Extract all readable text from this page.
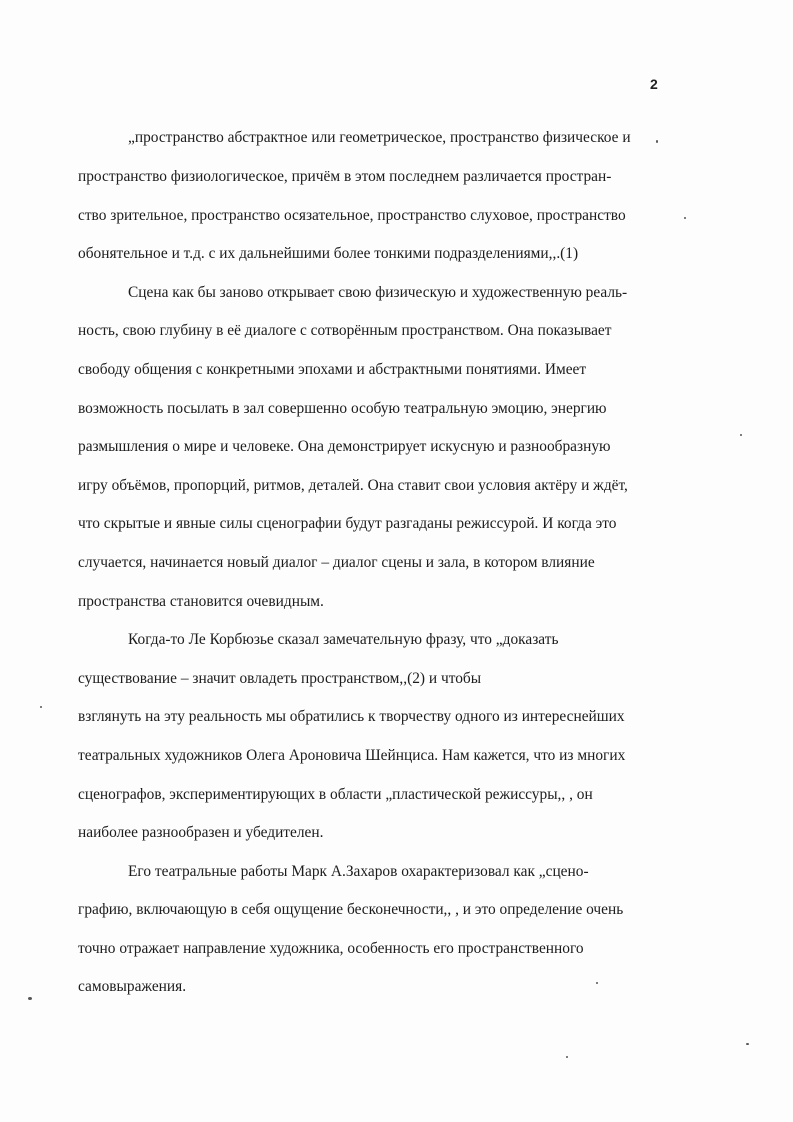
2
„пространство абстрактное или геометрическое, пространство физическое и
пространство физиологическое, причём в этом последнем различается простран-
ство зрительное, пространство осязательное, пространство слуховое, пространство
обонятельное и т.д. с их дальнейшими более тонкими подразделениями,,.(1)
Сцена как бы заново открывает свою физическую и художественную реаль-
ность, свою глубину в её диалоге с сотворённым пространством. Она показывает
свободу общения с конкретными эпохами и абстрактными понятиями. Имеет
возможность посылать в зал совершенно особую театральную эмоцию, энергию
размышления о мире и человеке. Она демонстрирует искусную и разнообразную
игру объёмов, пропорций, ритмов, деталей. Она ставит свои условия актёру и ждёт,
что скрытые и явные силы сценографии будут разгаданы режиссурой. И когда это
случается, начинается новый диалог – диалог сцены и зала, в котором влияние
пространства становится очевидным.
Когда-то Ле Корбюзье сказал замечательную фразу, что „доказать
существование – значит овладеть пространством,,(2) и чтобы
взглянуть на эту реальность мы обратились к творчеству одного из интереснейших
театральных художников Олега Ароновича Шейнциса. Нам кажется, что из многих
сценографов, экспериментирующих в области „пластической режиссуры,, , он
наиболее разнообразен и убедителен.
Его театральные работы Марк А.Захаров охарактеризовал как „сцено-
графию, включающую в себя ощущение бесконечности,, , и это определение очень
точно отражает направление художника, особенность его пространственного
самовыражения.
